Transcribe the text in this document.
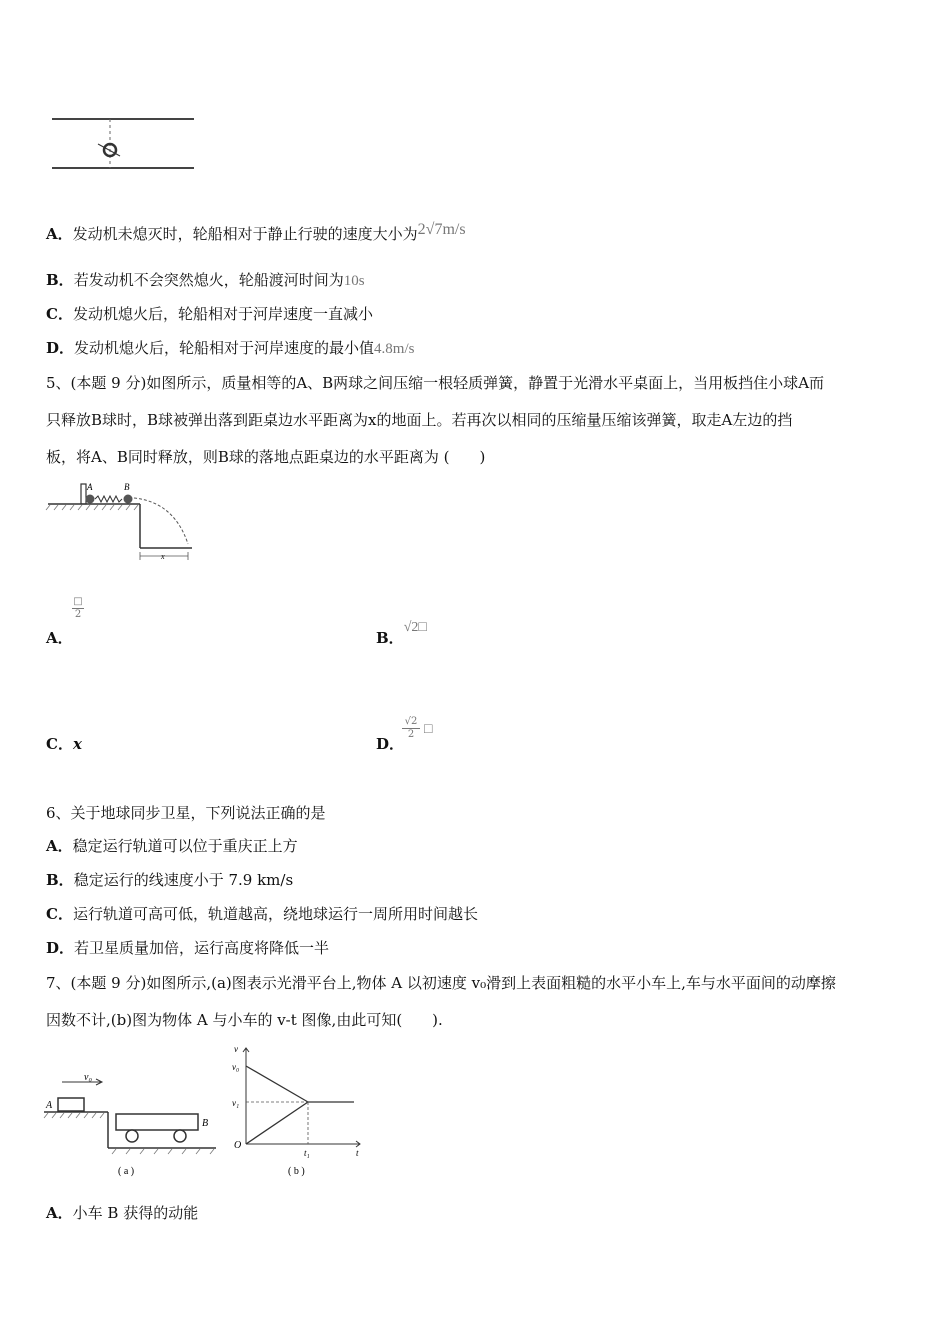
A．发动机未熄灭时，轮船相对于静止行驶的速度大小为2√7m/s
B．若发动机不会突然熄火，轮船渡河时间为10s
C．发动机熄火后，轮船相对于河岸速度一直减小
D．发动机熄火后，轮船相对于河岸速度的最小值4.8m/s
5、(本题 9 分)如图所示，质量相等的A、B两球之间压缩一根轻质弹簧，静置于光滑水平桌面上，当用板挡住小球A而
只释放B球时，B球被弹出落到距桌边水平距离为x的地面上。若再次以相同的压缩量压缩该弹簧，取走A左边的挡
板，将A、B同时释放，则B球的落地点距桌边的水平距离为 (　　)
A	B
x
A．
□
2
B．√2□
C．x	D．
√2
2 □
6、关于地球同步卫星，下列说法正确的是
A．稳定运行轨道可以位于重庆正上方
B．稳定运行的线速度小于 7.9 km/s
C．运行轨道可高可低，轨道越高，绕地球运行一周所用时间越长
D．若卫星质量加倍，运行高度将降低一半
7、(本题 9 分)如图所示,(a)图表示光滑平台上,物体 A 以初速度 v₀滑到上表面粗糙的水平小车上,车与水平面间的动摩擦
因数不计,(b)图为物体 A 与小车的 v-t 图像,由此可知(　　).
v₀
A
B
( a )
v
v₀
v₁
O
t₁	t
( b )
A．小车 B 获得的动能
